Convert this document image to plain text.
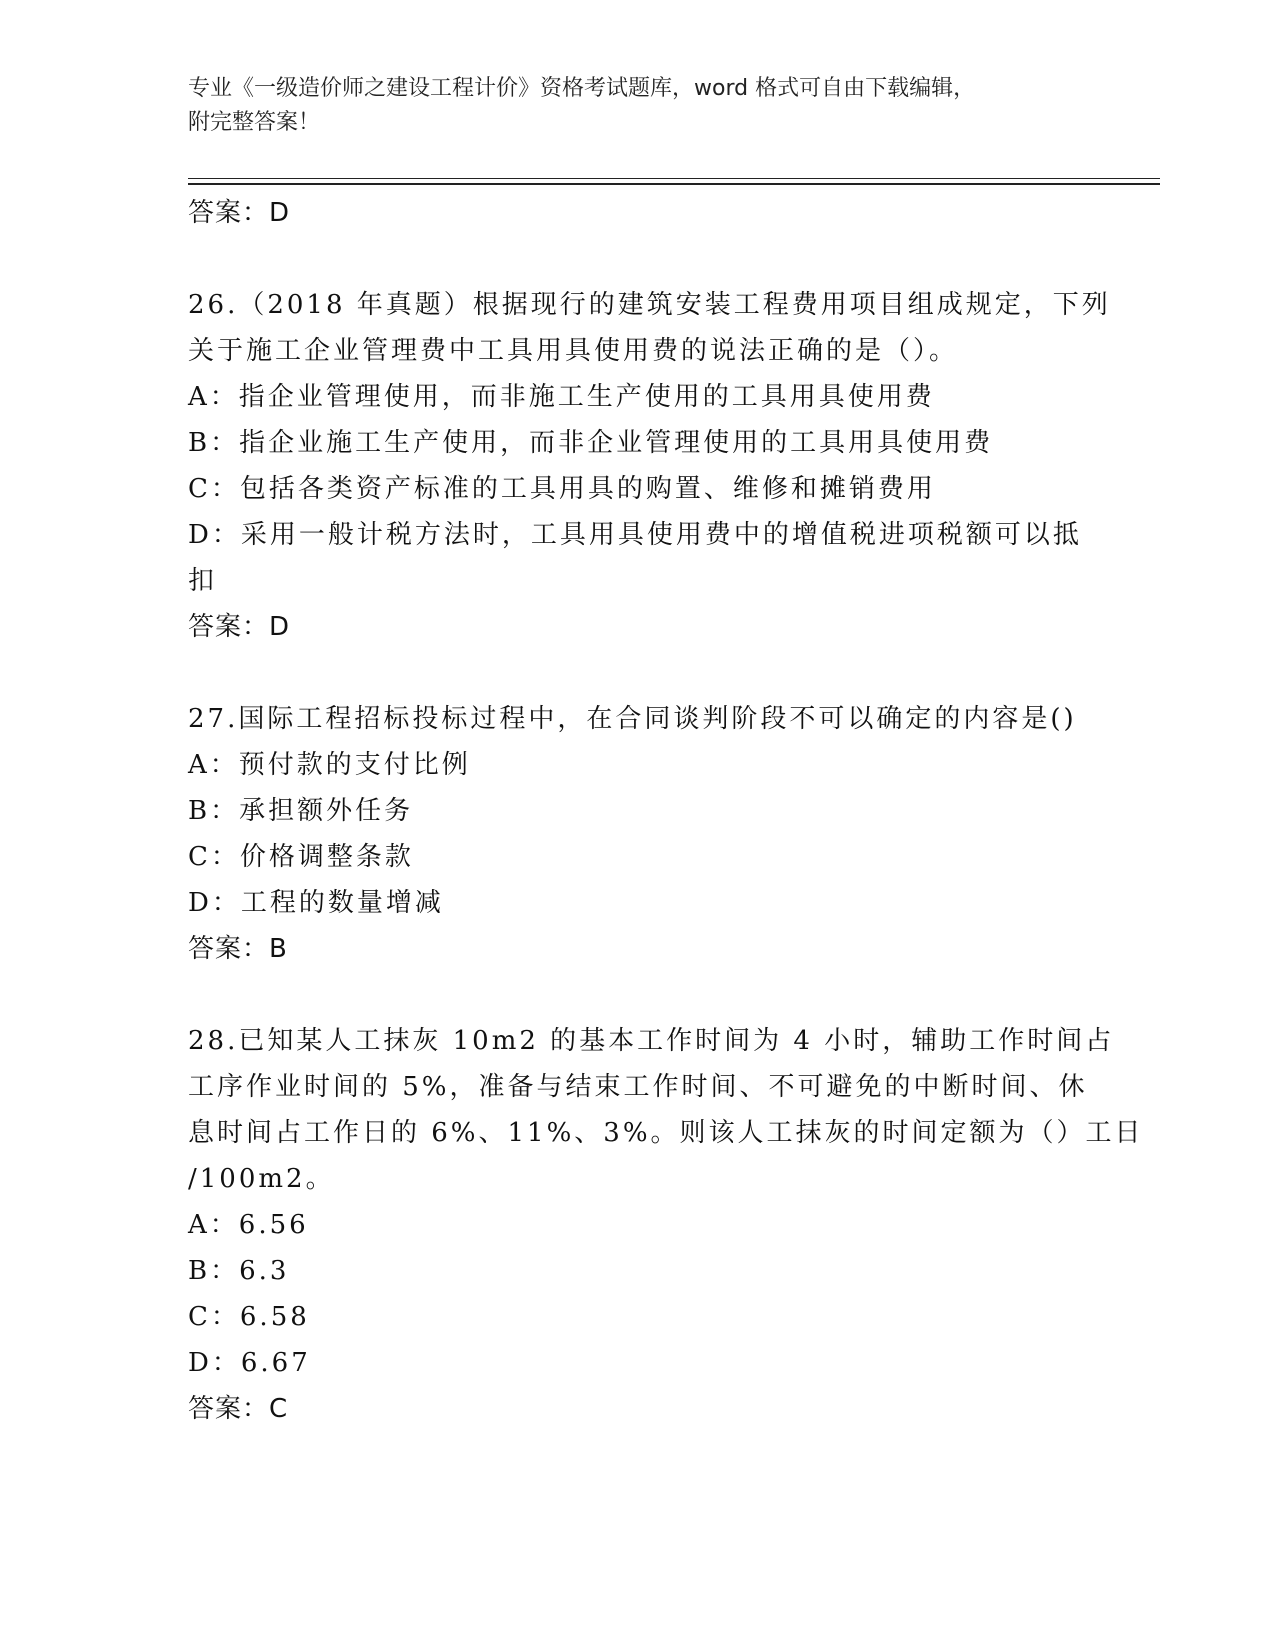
专业《一级造价师之建设工程计价》资格考试题库，word 格式可自由下载编辑，
附完整答案！
答案：D
26.（2018 年真题）根据现行的建筑安装工程费用项目组成规定，下列
关于施工企业管理费中工具用具使用费的说法正确的是（）。
A：指企业管理使用，而非施工生产使用的工具用具使用费
B：指企业施工生产使用，而非企业管理使用的工具用具使用费
C：包括各类资产标准的工具用具的购置、维修和摊销费用
D：采用一般计税方法时，工具用具使用费中的增值税进项税额可以抵
扣
答案：D
27.国际工程招标投标过程中，在合同谈判阶段不可以确定的内容是()
A：预付款的支付比例
B：承担额外任务
C：价格调整条款
D：工程的数量增减
答案：B
28.已知某人工抹灰 10m2 的基本工作时间为 4 小时，辅助工作时间占
工序作业时间的 5%，准备与结束工作时间、不可避免的中断时间、休
息时间占工作日的 6%、11%、3%。则该人工抹灰的时间定额为（）工日
/100m2。
A：6.56
B：6.3
C：6.58
D：6.67
答案：C
